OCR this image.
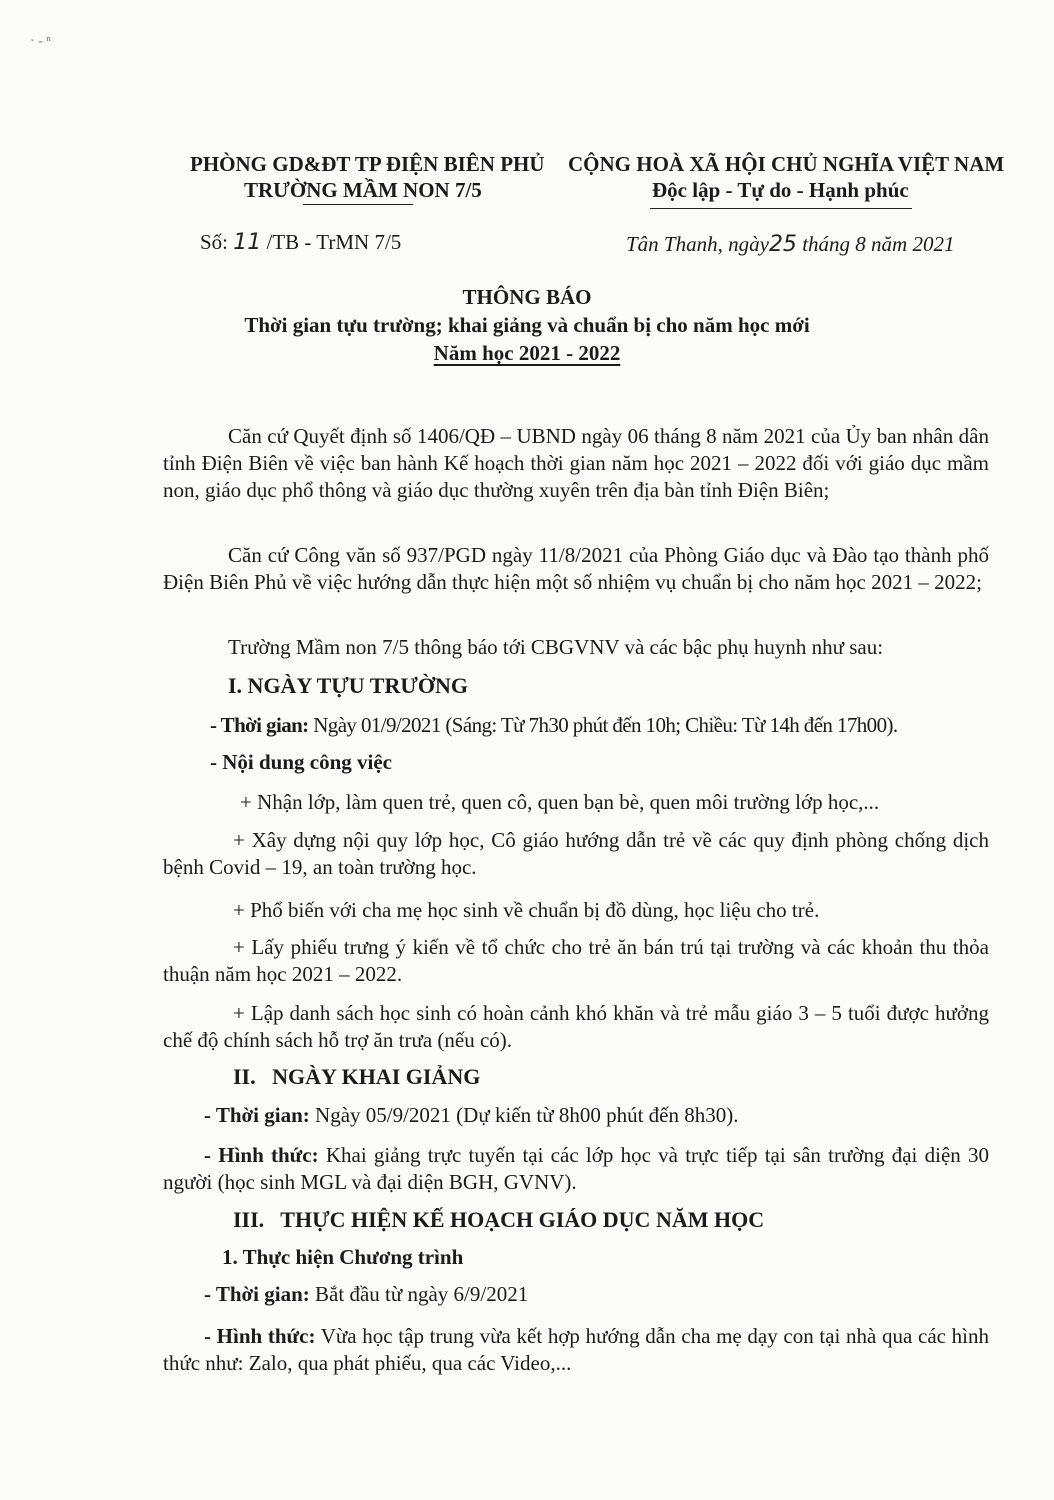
· - ⁿ
PHÒNG GD&ĐT TP ĐIỆN BIÊN PHỦ
TRƯỜNG MẦM NON 7/5
CỘNG HOÀ XÃ HỘI CHỦ NGHĨA VIỆT NAM
Độc lập - Tự do - Hạnh phúc
Số: 11 /TB - TrMN 7/5	Tân Thanh, ngày25 tháng 8 năm 2021
THÔNG BÁO
Thời gian tựu trường; khai giảng và chuẩn bị cho năm học mới
Năm học 2021 - 2022
Căn cứ Quyết định số 1406/QĐ – UBND ngày 06 tháng 8 năm 2021 của Ủy ban nhân dân tỉnh Điện Biên về việc ban hành Kế hoạch thời gian năm học 2021 – 2022 đối với giáo dục mầm non, giáo dục phổ thông và giáo dục thường xuyên trên địa bàn tỉnh Điện Biên;
Căn cứ Công văn số 937/PGD ngày 11/8/2021 của Phòng Giáo dục và Đào tạo thành phố Điện Biên Phủ về việc hướng dẫn thực hiện một số nhiệm vụ chuẩn bị cho năm học 2021 – 2022;
Trường Mầm non 7/5 thông báo tới CBGVNV và các bậc phụ huynh như sau:
I. NGÀY TỰU TRƯỜNG
- Thời gian: Ngày 01/9/2021 (Sáng: Từ 7h30 phút đến 10h; Chiều: Từ 14h đến 17h00).
- Nội dung công việc
+ Nhận lớp, làm quen trẻ, quen cô, quen bạn bè, quen môi trường lớp học,...
+ Xây dựng nội quy lớp học, Cô giáo hướng dẫn trẻ về các quy định phòng chống dịch bệnh Covid – 19, an toàn trường học.
+ Phổ biến với cha mẹ học sinh về chuẩn bị đồ dùng, học liệu cho trẻ.
+ Lấy phiếu trưng ý kiến về tổ chức cho trẻ ăn bán trú tại trường và các khoản thu thỏa thuận năm học 2021 – 2022.
+ Lập danh sách học sinh có hoàn cảnh khó khăn và trẻ mẫu giáo 3 – 5 tuổi được hưởng chế độ chính sách hỗ trợ ăn trưa (nếu có).
II.   NGÀY KHAI GIẢNG
- Thời gian: Ngày 05/9/2021 (Dự kiến từ 8h00 phút đến 8h30).
- Hình thức: Khai giảng trực tuyến tại các lớp học và trực tiếp tại sân trường đại diện 30 người (học sinh MGL và đại diện BGH, GVNV).
III.   THỰC HIỆN KẾ HOẠCH GIÁO DỤC NĂM HỌC
1. Thực hiện Chương trình
- Thời gian: Bắt đầu từ ngày 6/9/2021
- Hình thức: Vừa học tập trung vừa kết hợp hướng dẫn cha mẹ dạy con tại nhà qua các hình thức như: Zalo, qua phát phiếu, qua các Video,...
